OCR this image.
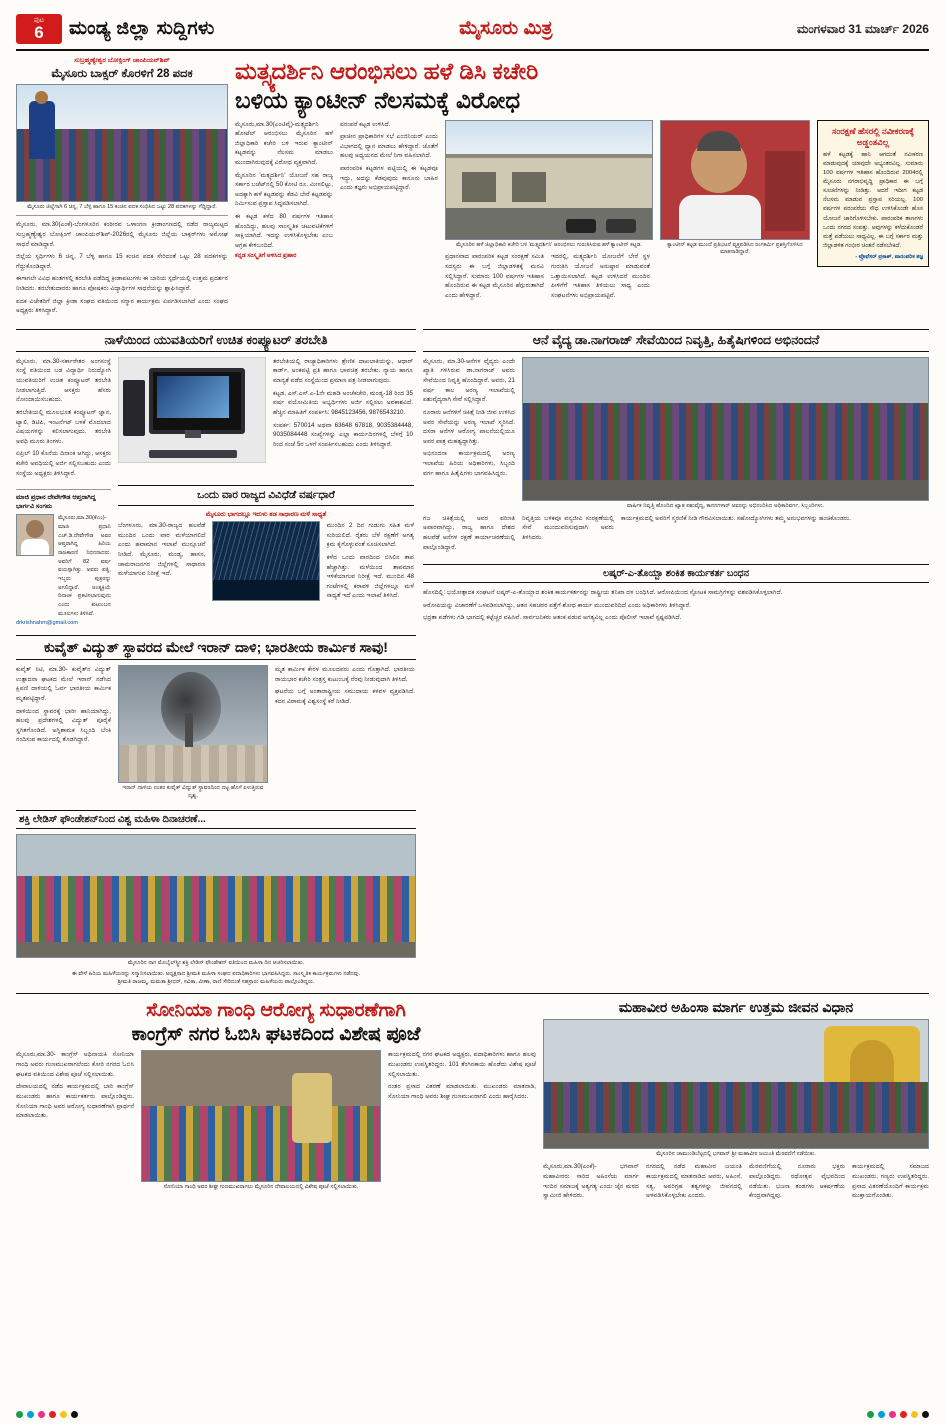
ಪುಟ
6 ಮಂಡ್ಯ ಜಿಲ್ಲಾ ಸುದ್ದಿಗಳು	ಮೈಸೂರು ಮಿತ್ರ	ಮಂಗಳವಾರ 31 ಮಾರ್ಚ್ 2026
ಸುಬ್ರಹ್ಮಣ್ಯೇಶ್ವರ ಬೋಕ್ಸಿಂಗ್ ಚಾಂಪಿಯನ್‌ಶಿಪ್
ಮೈಸೂರು ಬಾಕ್ಸರ್ ಕೊರಳಿಗೆ 28 ಪದಕ
ಮೈಸೂರು ಜಿಲ್ಲೆಗಾಗಿ 6 ಚಿನ್ನ, 7 ಬೆಳ್ಳಿ ಹಾಗೂ 15 ಕಂಚಿನ ಪದಕ ಸಂಧಿಸಿದ ಒಟ್ಟು 28 ಪದಕಗಳನ್ನು ಗೆದ್ದಿದ್ದಾರೆ.

ಮೈಸೂರು, ಮಾ.30(ಎಂಕೆ)-ಬೆಂಗಳೂರಿನ ಕಂಠೀರವ ಒಳಾಂಗಣ ಕ್ರೀಡಾಂಗಣದಲ್ಲಿ ನಡೆದ ರಾಜ್ಯಮಟ್ಟದ ಸುಬ್ರಹ್ಮಣ್ಯೇಶ್ವರ ಬೋಕ್ಸಿಂಗ್ ಚಾಂಪಿಯನ್‌ಶಿಪ್-2026ರಲ್ಲಿ ಮೈಸೂರು ಜಿಲ್ಲೆಯ ಬಾಕ್ಸರ್‌ಗಳು ಅಮೋಘ ಸಾಧನೆ ಮಾಡಿದ್ದಾರೆ.

ಜಿಲ್ಲೆಯ ಸ್ಪರ್ಧಿಗಳು 6 ಚಿನ್ನ, 7 ಬೆಳ್ಳಿ ಹಾಗೂ 15 ಕಂಚಿನ ಪದಕ ಸೇರಿದಂತೆ ಒಟ್ಟು 28 ಪದಕಗಳನ್ನು ಗೆದ್ದುಕೊಂಡಿದ್ದಾರೆ.

ಈಗಾಗಲೇ ವಿವಿಧ ಹಂತಗಳಲ್ಲಿ ತರಬೇತಿ ಪಡೆದಿದ್ದ ಕ್ರೀಡಾಪಟುಗಳು ಈ ಬಾರಿಯ ಸ್ಪರ್ಧೆಯಲ್ಲಿ ಉತ್ತಮ ಪ್ರದರ್ಶನ ನೀಡಿದರು. ತರಬೇತುದಾರರು ಹಾಗೂ ಪೋಷಕರು ವಿದ್ಯಾರ್ಥಿಗಳ ಸಾಧನೆಯನ್ನು ಶ್ಲಾಘಿಸಿದ್ದಾರೆ.

ಪದಕ ವಿಜೇತರಿಗೆ ಜಿಲ್ಲಾ ಕ್ರೀಡಾ ಸಂಘದ ವತಿಯಿಂದ ಸನ್ಮಾನ ಕಾರ್ಯಕ್ರಮ ಏರ್ಪಡಿಸಲಾಗಿದೆ ಎಂದು ಸಂಘದ ಅಧ್ಯಕ್ಷರು ತಿಳಿಸಿದ್ದಾರೆ.

ಮತ್ಸ್ಯದರ್ಶಿನಿ ಆರಂಭಿಸಲು ಹಳೆ ಡಿಸಿ ಕಚೇರಿ
ಬಳಿಯ ಕ್ಯಾಂಟೀನ್ ನೆಲಸಮಕ್ಕೆ ವಿರೋಧ

ಮೈಸೂರು,ಮಾ.30(ಎಂಟಿವೈ)-ಮತ್ಸ್ಯದರ್ಶಿನಿ ಹೋಟೆಲ್ ಆರಂಭಿಸಲು ಮೈಸೂರಿನ ಹಳೆ ಜಿಲ್ಲಾಧಿಕಾರಿ ಕಚೇರಿ ಬಳಿ ಇರುವ ಕ್ಯಾಂಟೀನ್ ಕಟ್ಟಡವನ್ನು ನೆಲಸಮ ಮಾಡಲು ಮುಂದಾಗಿರುವುದಕ್ಕೆ ವಿರೋಧ ವ್ಯಕ್ತವಾಗಿದೆ.

ಮೈಸೂರಿನ 'ಮತ್ಸ್ಯದರ್ಶಿನಿ' ಯೋಜನೆ ಸಹ ರಾಜ್ಯ ಸರ್ಕಾರ ಬಜೆಟ್‌ನಲ್ಲಿ 50 ಕೋಟಿ ರೂ. ಮೀಸಲಿಟ್ಟು, ಅದಕ್ಕಾಗಿ ಹಳೆ ಕಟ್ಟಡವನ್ನು ಕೆಡವಿ ಬೇರೆ ಕಟ್ಟಡವನ್ನು ನಿರ್ಮಿಸುವ ಪ್ರಸ್ತಾಪ ಸಿದ್ಧಪಡಿಸಲಾಗಿದೆ.

ಈ ಕಟ್ಟಡ ಕಳೆದ 80 ವರ್ಷಗಳ ಇತಿಹಾಸ ಹೊಂದಿದ್ದು, ಹಲವು ಸಾಂಸ್ಕೃತಿಕ ಚಟುವಟಿಕೆಗಳಿಗೆ ಸಾಕ್ಷಿಯಾಗಿದೆ. ಇದನ್ನು ಉಳಿಸಿಕೊಳ್ಳಬೇಕು ಎಂಬ ಆಗ್ರಹ ಕೇಳಿಬಂದಿದೆ.

ಕನ್ನಡ ಸಂಸ್ಕೃತಿಗೆ ಅಳಿಸಿದ ಪ್ರಹಾರ

ಪರಂಪರೆ ಕಟ್ಟಡ ಉಳಿಸಿದೆ.

ಪ್ರಾಚೀನ ಪ್ರಾಧಿಕಾರಿಗಳ ಸಭೆ ಎಂಜಿನಿಯರ್ ಎಂದು ವಿಭಾಗದಲ್ಲಿ ಧ್ಯಾನ ಮಾಡಲು ಹೇಳಿದ್ದಾರೆ. ಜೊತೆಗೆ ಹಲವು ಅಧ್ಯಯನದ ಮೇಲೆ ನಿಗಾ ವಹಿಸಲಾಗಿದೆ.

ಪಾರಂಪರಿಕ ಕಟ್ಟಡಗಳ ಪಟ್ಟಿಯಲ್ಲಿ ಈ ಕಟ್ಟಡವೂ ಇದ್ದು, ಅದನ್ನು ಕೆಡವುವುದು ಕಾನೂನು ಬಾಹಿರ ಎಂದು ತಜ್ಞರು ಅಭಿಪ್ರಾಯಪಟ್ಟಿದ್ದಾರೆ.

ಮೈಸೂರಿನ ಹಳೆ ಜಿಲ್ಲಾಧಿಕಾರಿ ಕಚೇರಿ ಬಳಿ 'ಮತ್ಸ್ಯದರ್ಶಿನಿ' ಆರಂಭಿಸಲು ಗುರುತಿಸಿರುವ ಹಳೆ ಕ್ಯಾಂಟೀನ್ ಕಟ್ಟಡ.

ಪ್ರಧಾನವಾದ ಪಾರಂಪರಿಕ ಕಟ್ಟಡ ಸಂರಕ್ಷಣೆ ಸಮಿತಿ ಸದಸ್ಯರು ಈ ಬಗ್ಗೆ ಜಿಲ್ಲಾಡಳಿತಕ್ಕೆ ಮನವಿ ಸಲ್ಲಿಸಿದ್ದಾರೆ. ಸುಮಾರು 100 ವರ್ಷಗಳ ಇತಿಹಾಸ ಹೊಂದಿರುವ ಈ ಕಟ್ಟಡ ಮೈಸೂರಿನ ಹೆಗ್ಗುರುತಾಗಿದೆ ಎಂದು ಹೇಳಿದ್ದಾರೆ.

ಇದರಲ್ಲಿ, ಮತ್ಸ್ಯದರ್ಶಿನಿ ಯೋಜನೆಗೆ ಬೇರೆ ಸ್ಥಳ ಗುರುತಿಸಿ ಯೋಜನೆ ಅನುಷ್ಠಾನ ಮಾಡುವಂತೆ ಒತ್ತಾಯಿಸಲಾಗಿದೆ. ಕಟ್ಟಡ ಉಳಿಸಿದರೆ ಮುಂದಿನ ಪೀಳಿಗೆಗೆ ಇತಿಹಾಸ ತಿಳಿಯಲು ಸಾಧ್ಯ ಎಂದು ಸಂಘಟನೆಗಳು ಅಭಿಪ್ರಾಯಪಟ್ಟಿವೆ.

ಕ್ಯಾಂಟೀನ್ ಕಟ್ಟಡ ಮುಂದೆ ಪ್ರತಿಭಟನೆ ವ್ಯಕ್ತಪಡಿಸಿದ ರಂಗಕರ್ಮಿ ಪ್ರಶಸ್ತಿಗೊಳಿಸಿದ ಮಾತನಾಡಿದ್ದಾರೆ.
ಸಂರಕ್ಷಣೆ ಹೆಸರಲ್ಲಿ ನವೀಕರಣಕ್ಕೆ ಅಡ್ಡಂತವಿಲ್ಲ
ಹಳೆ ಕಟ್ಟಡಕ್ಕೆ ಹಾನಿ ಆಗದಂತೆ ನವೀಕರಣ ಮಾಡುವುದಕ್ಕೆ ಯಾವುದೇ ಅಭ್ಯಂತರವಿಲ್ಲ. ಸುಮಾರು 100 ವರ್ಷಗಳ ಇತಿಹಾಸ ಹೊಂದಿರುವ 2004ರಲ್ಲಿ ಮೈಸೂರು ನಗರಾಭಿವೃದ್ಧಿ ಪ್ರಾಧಿಕಾರ ಈ ಬಗ್ಗೆ ಸೂಚನೆಗಳನ್ನು ನೀಡಿತ್ತು. ಆದರೆ ಇದೀಗ ಕಟ್ಟಡ ನೆಲಸಮ ಮಾಡುವ ಪ್ರಸ್ತಾಪ ಸರಿಯಲ್ಲ. 100 ವರ್ಷಗಳ ಪರಂಪರೆಯ ಸೌಧ ಉಳಿಸಿಕೊಂಡೇ ಹೊಸ ಯೋಜನೆ ಜಾರಿಗೊಳಿಸಬೇಕು. ಪಾರಂಪರಿಕ ತಾಣಗಳು ಒಂದು ನಗರದ ಸಂಪತ್ತು. ಅವುಗಳನ್ನು ಕಳೆದುಕೊಂಡರೆ ಮತ್ತೆ ಪಡೆಯಲು ಸಾಧ್ಯವಿಲ್ಲ. ಈ ಬಗ್ಗೆ ಸರ್ಕಾರ ಮತ್ತು ಜಿಲ್ಲಾಡಳಿತ ಗಂಭೀರ ಚಿಂತನೆ ನಡೆಸಬೇಕಿದೆ.
- ಪ್ರೊಫೆಸರ್ ಪ್ರಕಾಶ್, ಪಾರಂಪರಿಕ ತಜ್ಞ
ನಾಳೆಯಿಂದ ಯುವತಿಯರಿಗೆ ಉಚಿತ ಕಂಪ್ಯೂಟರ್ ತರಬೇತಿ	ಆನೆ ವೈದ್ಯ ಡಾ.ನಾಗರಾಜ್ ಸೇವೆಯಿಂದ ನಿವೃತ್ತಿ, ಹಿತೈಷಿಗಳಿಂದ ಅಭಿನಂದನೆ

ಮೈಸೂರು, ಮಾ.30-ಸರ್ಕಾರೇತರ ಅಂಗಸಂಸ್ಥೆ ಸಂಸ್ಥೆ ವತಿಯಿಂದ ಬಡ ವಿದ್ಯಾರ್ಥಿ ನಿರುದ್ಯೋಗಿ ಯುವತಿಯರಿಗೆ ಉಚಿತ ಕಂಪ್ಯೂಟರ್ ತರಬೇತಿ ನೀಡಲಾಗುತ್ತಿದೆ. ಆಸಕ್ತರು ಹೆಸರು ನೋಂದಾಯಿಸಬಹುದು.

ತರಬೇತಿಯಲ್ಲಿ ಮೂಲಭೂತ ಕಂಪ್ಯೂಟರ್ ಜ್ಞಾನ, ಟ್ಯಾಲಿ, ಡಿಟಿಪಿ, ಇಂಟರ್ನೆಟ್ ಬಳಕೆ ಮೊದಲಾದ ವಿಷಯಗಳನ್ನು ಕಲಿಸಲಾಗುವುದು. ತರಬೇತಿ ಅವಧಿ ಮೂರು ತಿಂಗಳು.

ಏಪ್ರಿಲ್ 10 ಕೊನೆಯ ದಿನಾಂಕ ಆಗಿದ್ದು, ಆಸಕ್ತರು ಕಚೇರಿ ಅವಧಿಯಲ್ಲಿ ಅರ್ಜಿ ಸಲ್ಲಿಸಬಹುದು ಎಂದು ಸಂಸ್ಥೆಯ ಅಧ್ಯಕ್ಷರು ತಿಳಿಸಿದ್ದಾರೆ.

ತರಬೇತಿಯಲ್ಲಿ ರಾಜ್ಯಾಧಿಕಾರಿಗಳು ಶ್ರೇಣಿಕ ದಾಖಲಾತಿಯನ್ನು, ಆಧಾರ್ ಕಾರ್ಡ್, ಅಂಕಪಟ್ಟಿ ಪ್ರತಿ ಹಾಗೂ ಭಾವಚಿತ್ರ ತರಬೇಕು. ನ್ಯಾಯ ಹಾಗೂ ಮಾನ್ಯತೆ ಪಡೆದ ಸಂಸ್ಥೆಯಿಂದ ಪ್ರಮಾಣ ಪತ್ರ ನೀಡಲಾಗುವುದು.

ಕಟ್ಟಡ, ಎಸ್.ಎಸ್.ಎ-1ನೇ ಮಹಡಿ ಅಂಚೆಕಚೇರಿ, ಮಂಡ್ಯ-18 ರಿಂದ 35 ವರ್ಷ ವಯೋಮಿತಿಯ ಅಭ್ಯರ್ಥಿಗಳು ಅರ್ಜಿ ಸಲ್ಲಿಸಲು ಅವಕಾಶವಿದೆ. ಹೆಚ್ಚಿನ ಮಾಹಿತಿಗೆ ಸಂಪರ್ಕಿಸಿ: 9845123456, 9876543210.

ಸಂಪರ್ಕ: 570014 ಅಥವಾ 63648 67818, 9035384448, 9035084448 ಸಂಖ್ಯೆಗಳನ್ನು ಎಲ್ಲಾ ಕಾರ್ಯದಿನಗಳಲ್ಲಿ ಬೆಳಗ್ಗೆ 10 ರಿಂದ ಸಂಜೆ 5ರ ಒಳಗೆ ಸಂಪರ್ಕಿಸಬಹುದು ಎಂದು ತಿಳಿಸಿದ್ದಾರೆ.

ಮಾಜಿ ಪ್ರಧಾನ ದೇವೇಗೌಡ ಆಪ್ತರಾಗಿದ್ದ ಭಾರ್ಗವಿ ಸಂಗಮ
ಮೈಸೂರು,ಮಾ.30(ಕೆಎಂ)-ಮಾಜಿ ಪ್ರಧಾನಿ ಎಚ್.ಡಿ.ದೇವೇಗೌಡ ಅವರ ಆಪ್ತರಾಗಿದ್ದ ಹಿರಿಯ ರಾಜಕಾರಣಿ ನಿಧನರಾದರು. ಅವರಿಗೆ 82 ವರ್ಷ ವಯಸ್ಸಾಗಿತ್ತು. ಅವರು ಪತ್ನಿ, ಇಬ್ಬರು ಪುತ್ರರನ್ನು ಅಗಲಿದ್ದಾರೆ. ಅಂತ್ಯಕ್ರಿಯೆ ದಿನಾಂಕ ಪ್ರಕಟಿಸಲಾಗುವುದು ಎಂದು ಕುಟುಂಬದ ಮೂಲಗಳು ತಿಳಿಸಿವೆ.
drkrishnahm@gmail.com
ಒಂದು ವಾರ ರಾಜ್ಯದ ವಿವಿಧೆಡೆ ವರ್ಷಧಾರೆ
ಮೈಸೂರು ಭಾಗದಲ್ಲೂ ಇರುಳು ತಡ ಸಾಧಾರಣ ಮಳೆ ಸಾಧ್ಯತೆ

ಬೆಂಗಳೂರು, ಮಾ.30-ರಾಜ್ಯದ ಹಲವೆಡೆ ಮುಂದಿನ ಒಂದು ವಾರ ಮಳೆಯಾಗಲಿದೆ ಎಂದು ಹವಾಮಾನ ಇಲಾಖೆ ಮುನ್ಸೂಚನೆ ನೀಡಿದೆ. ಮೈಸೂರು, ಮಂಡ್ಯ, ಹಾಸನ, ಚಾಮರಾಜನಗರ ಜಿಲ್ಲೆಗಳಲ್ಲಿ ಸಾಧಾರಣ ಮಳೆಯಾಗುವ ನಿರೀಕ್ಷೆ ಇದೆ.

ಮುಂದಿನ 2 ದಿನ ಗುಡುಗು ಸಹಿತ ಮಳೆ ಸುರಿಯಲಿದೆ. ರೈತರು ಬೆಳೆ ರಕ್ಷಣೆಗೆ ಅಗತ್ಯ ಕ್ರಮ ಕೈಗೊಳ್ಳುವಂತೆ ಸೂಚಿಸಲಾಗಿದೆ.

ಕಳೆದ ಒಂದು ವಾರದಿಂದ ಬಿಸಿಲಿನ ತಾಪ ಹೆಚ್ಚಾಗಿತ್ತು. ಮಳೆಯಿಂದ ತಾಪಮಾನ ಇಳಿಕೆಯಾಗುವ ನಿರೀಕ್ಷೆ ಇದೆ. ಮುಂದಿನ 48 ಗಂಟೆಗಳಲ್ಲಿ ಕರಾವಳಿ ಜಿಲ್ಲೆಗಳಲ್ಲೂ ಮಳೆ ಸಾಧ್ಯತೆ ಇದೆ ಎಂದು ಇಲಾಖೆ ತಿಳಿಸಿದೆ.

ಕುವೈತ್ ವಿದ್ಯುತ್ ಸ್ಥಾವರದ ಮೇಲೆ ಇರಾನ್ ದಾಳಿ; ಭಾರತೀಯ ಕಾರ್ಮಿಕ ಸಾವು!

ಕುವೈತ್ ಸಿಟಿ, ಮಾ.30- ಕುವೈತ್‌ನ ವಿದ್ಯುತ್ ಉತ್ಪಾದನಾ ಘಟಕದ ಮೇಲೆ ಇರಾನ್ ನಡೆಸಿದ ಕ್ಷಿಪಣಿ ದಾಳಿಯಲ್ಲಿ ಓರ್ವ ಭಾರತೀಯ ಕಾರ್ಮಿಕ ಮೃತಪಟ್ಟಿದ್ದಾರೆ.

ದಾಳಿಯಿಂದ ಸ್ಥಾವರಕ್ಕೆ ಭಾರೀ ಹಾನಿಯಾಗಿದ್ದು, ಹಲವು ಪ್ರದೇಶಗಳಲ್ಲಿ ವಿದ್ಯುತ್ ಪೂರೈಕೆ ಸ್ಥಗಿತಗೊಂಡಿದೆ. ಅಗ್ನಿಶಾಮಕ ಸಿಬ್ಬಂದಿ ಬೆಂಕಿ ನಂದಿಸುವ ಕಾರ್ಯದಲ್ಲಿ ತೊಡಗಿದ್ದಾರೆ.

ಇರಾನ್ ದಾಳಿಯ ನಂತರ ಕುವೈತ್ ವಿದ್ಯುತ್ ಸ್ಥಾವರದಿಂದ ದಟ್ಟ ಹೊಗೆ ಏಳುತ್ತಿರುವ ದೃಶ್ಯ.

ಮೃತ ಕಾರ್ಮಿಕ ಕೇರಳ ಮೂಲದವರು ಎಂದು ಗೊತ್ತಾಗಿದೆ. ಭಾರತೀಯ ರಾಯಭಾರ ಕಚೇರಿ ಸಂತ್ರಸ್ತ ಕುಟುಂಬಕ್ಕೆ ನೆರವು ನೀಡುವುದಾಗಿ ತಿಳಿಸಿದೆ.

ಘಟನೆಯ ಬಗ್ಗೆ ಅಂತಾರಾಷ್ಟ್ರೀಯ ಸಮುದಾಯ ಕಳವಳ ವ್ಯಕ್ತಪಡಿಸಿದೆ. ಕದನ ವಿರಾಮಕ್ಕೆ ವಿಶ್ವಸಂಸ್ಥೆ ಕರೆ ನೀಡಿದೆ.

ಶಕ್ತಿ ಲೇಡಿಸ್ ಫೌಂಡೇಶನ್‌ನಿಂದ ವಿಶ್ವ ಮಹಿಳಾ ದಿನಾಚರಣೆ...
ಮೈಸೂರಿನ ನಾಗ ಮೊಬೈಲ್‌ಸ್ಟ್ರೀ ಶಕ್ತಿ ಲೇಡಿಸ್ ಫೌಂಡೇಶನ್ ವತಿಯಿಂದ ಮಹಿಳಾ ದಿನ ಆಚರಿಸಲಾಯಿತು.
ಈ ವೇಳೆ ಹಿರಿಯ ಮಹಿಳೆಯರನ್ನು ಸನ್ಮಾನಿಸಲಾಯಿತು. ಅಧ್ಯಕ್ಷರಾದ ಶ್ರೀಮತಿ ಮಹಿಳಾ ಸಂಘದ ಪದಾಧಿಕಾರಿಗಳು ಭಾಗವಹಿಸಿದ್ದರು. ಸಾಂಸ್ಕೃತಿಕ ಕಾರ್ಯಕ್ರಮಗಳು ನಡೆದವು.
ಶ್ರೀಮತಿ ರಾಜಮ್ಮ, ಮಮತಾ ಶ್ರೀಧರ್, ಸವಿತಾ, ವೀಣಾ, ರಾಣಿ ಸೇರಿದಂತೆ ಸಹಸ್ರಾರು ಮಹಿಳೆಯರು ಪಾಲ್ಗೊಂಡಿದ್ದರು.

ಮೈಸೂರು, ಮಾ.30-ಆನೆಗಳ ವೈದ್ಯರು ಎಂದೇ ಖ್ಯಾತಿ ಗಳಿಸಿರುವ ಡಾ.ನಾಗರಾಜ್ ಅವರು ಸೇವೆಯಿಂದ ನಿವೃತ್ತಿ ಹೊಂದಿದ್ದಾರೆ. ಅವರು, 21 ವರ್ಷ ಕಾಲ ಅರಣ್ಯ ಇಲಾಖೆಯಲ್ಲಿ ಪಶುವೈದ್ಯರಾಗಿ ಸೇವೆ ಸಲ್ಲಿಸಿದ್ದಾರೆ.

ನೂರಾರು ಆನೆಗಳಿಗೆ ಚಿಕಿತ್ಸೆ ನೀಡಿ ಜೀವ ಉಳಿಸಿದ ಅವರ ಸೇವೆಯನ್ನು ಅರಣ್ಯ ಇಲಾಖೆ ಸ್ಮರಿಸಿದೆ. ದಸರಾ ಆನೆಗಳ ಆರೋಗ್ಯ ಪಾಲನೆಯಲ್ಲಿಯೂ ಅವರ ಪಾತ್ರ ಮಹತ್ವದ್ದಾಗಿತ್ತು.

ಅಭಿನಂದನಾ ಕಾರ್ಯಕ್ರಮದಲ್ಲಿ ಅರಣ್ಯ ಇಲಾಖೆಯ ಹಿರಿಯ ಅಧಿಕಾರಿಗಳು, ಸಿಬ್ಬಂದಿ ವರ್ಗ ಹಾಗೂ ಹಿತೈಷಿಗಳು ಭಾಗವಹಿಸಿದ್ದರು.

ವಾರ್ಷಿಕ ನಿವೃತ್ತಿ ಹೊಂದಿದ ಖ್ಯಾತ ಪಶುವೈದ್ಯ, ಕಾನನಗಳಾರ್ ಅವರನ್ನು ಅಭಿನಂದಿಸಿದ ಅಧಿಕಾರಿವರ್ಗ, ಸಿಬ್ಬಂದಿಗಳು.

ಗಜ ಚಿಕಿತ್ಸೆಯಲ್ಲಿ ಅವರ ಪರಿಣತಿ ಅಪಾರವಾಗಿದ್ದು, ರಾಜ್ಯ ಹಾಗೂ ದೇಶದ ಹಲವೆಡೆ ಆನೆಗಳ ರಕ್ಷಣೆ ಕಾರ್ಯಾಚರಣೆಯಲ್ಲಿ ಪಾಲ್ಗೊಂಡಿದ್ದಾರೆ.

ನಿವೃತ್ತಿಯ ಬಳಿಕವೂ ವನ್ಯಜೀವಿ ಸಂರಕ್ಷಣೆಯಲ್ಲಿ ಸೇವೆ ಮುಂದುವರಿಸುವುದಾಗಿ ಅವರು ತಿಳಿಸಿದರು.

ಕಾರ್ಯಕ್ರಮದಲ್ಲಿ ಅವರಿಗೆ ಸ್ಮರಣಿಕೆ ನೀಡಿ ಗೌರವಿಸಲಾಯಿತು. ಸಹೋದ್ಯೋಗಿಗಳು ತಮ್ಮ ಅನುಭವಗಳನ್ನು ಹಂಚಿಕೊಂಡರು.

ಲಷ್ಕರ್-ಎ-ತೊಯ್ಬಾ ಶಂಕಿತ ಕಾರ್ಯಕರ್ತ ಬಂಧನ

ಹೊಸದಿಲ್ಲಿ: ಭಯೋತ್ಪಾದಕ ಸಂಘಟನೆ ಲಷ್ಕರ್-ಎ-ತೊಯ್ಬಾದ ಶಂಕಿತ ಕಾರ್ಯಕರ್ತನನ್ನು ರಾಷ್ಟ್ರೀಯ ತನಿಖಾ ದಳ ಬಂಧಿಸಿದೆ. ಆರೋಪಿಯಿಂದ ಸ್ಫೋಟಕ ಸಾಮಗ್ರಿಗಳನ್ನು ವಶಪಡಿಸಿಕೊಳ್ಳಲಾಗಿದೆ.

ಆರೋಪಿಯನ್ನು ವಿಚಾರಣೆಗೆ ಒಳಪಡಿಸಲಾಗಿದ್ದು, ಆತನ ಸಹಚರರ ಪತ್ತೆಗೆ ಶೋಧ ಕಾರ್ಯ ಮುಂದುವರಿದಿದೆ ಎಂದು ಅಧಿಕಾರಿಗಳು ತಿಳಿಸಿದ್ದಾರೆ.

ಭದ್ರತಾ ಪಡೆಗಳು ಗಡಿ ಭಾಗದಲ್ಲಿ ಕಟ್ಟೆಚ್ಚರ ವಹಿಸಿವೆ. ಸಾರ್ವಜನಿಕರು ಆತಂಕ ಪಡುವ ಅಗತ್ಯವಿಲ್ಲ ಎಂದು ಪೊಲೀಸ್ ಇಲಾಖೆ ಸ್ಪಷ್ಟಪಡಿಸಿದೆ.

ಸೋನಿಯಾ ಗಾಂಧಿ ಆರೋಗ್ಯ ಸುಧಾರಣೆಗಾಗಿ
ಕಾಂಗ್ರೆಸ್ ನಗರ ಓಬಿಸಿ ಘಟಕದಿಂದ ವಿಶೇಷ ಪೂಜೆ

ಮೈಸೂರು,ಮಾ.30- ಕಾಂಗ್ರೆಸ್ ಅಧಿನಾಯಕಿ ಸೋನಿಯಾ ಗಾಂಧಿ ಅವರು ಗುಣಮುಖರಾಗಲೆಂದು ಕೋರಿ ನಗರದ ಓಬಿಸಿ ಘಟಕದ ವತಿಯಿಂದ ವಿಶೇಷ ಪೂಜೆ ಸಲ್ಲಿಸಲಾಯಿತು.

ದೇವಾಲಯದಲ್ಲಿ ನಡೆದ ಕಾರ್ಯಕ್ರಮದಲ್ಲಿ ಬಾರಿ ಕಾಂಗ್ರೆಸ್ ಮುಖಂಡರು ಹಾಗೂ ಕಾರ್ಯಕರ್ತರು ಪಾಲ್ಗೊಂಡಿದ್ದರು. ಸೋನಿಯಾ ಗಾಂಧಿ ಅವರ ಆರೋಗ್ಯ ಸುಧಾರಣೆಗಾಗಿ ಪ್ರಾರ್ಥನೆ ಮಾಡಲಾಯಿತು.

ಸೋನಿಯಾ ಗಾಂಧಿ ಅವರ ಶೀಘ್ರ ಗುಣಮುಖರಾಗಲು ಮೈಸೂರಿನ ದೇವಾಲಯದಲ್ಲಿ ವಿಶೇಷ ಪೂಜೆ ಸಲ್ಲಿಸಲಾಯಿತು.

ಕಾರ್ಯಕ್ರಮದಲ್ಲಿ ನಗರ ಘಟಕದ ಅಧ್ಯಕ್ಷರು, ಪದಾಧಿಕಾರಿಗಳು ಹಾಗೂ ಹಲವು ಮುಖಂಡರು ಉಪಸ್ಥಿತರಿದ್ದರು. 101 ತೆಂಗಿನಕಾಯಿ ಹೊಡೆದು ವಿಶೇಷ ಪೂಜೆ ಸಲ್ಲಿಸಲಾಯಿತು.

ನಂತರ ಪ್ರಸಾದ ವಿತರಣೆ ಮಾಡಲಾಯಿತು. ಮುಖಂಡರು ಮಾತನಾಡಿ, ಸೋನಿಯಾ ಗಾಂಧಿ ಅವರು ಶೀಘ್ರ ಗುಣಮುಖರಾಗಲಿ ಎಂದು ಹಾರೈಸಿದರು.

ಮಹಾವೀರ ಅಹಿಂಸಾ ಮಾರ್ಗ ಉತ್ತಮ ಜೀವನ ವಿಧಾನ
ಮೈಸೂರಿನ ಚಾಮುಂಡಿಬೆಟ್ಟದಲ್ಲಿ ಭಗವಾನ್ ಶ್ರೀ ಮಹಾವೀರ ಜಯಂತಿ ಮೆರವಣಿಗೆ ನಡೆಯಿತು.

ಮೈಸೂರು,ಮಾ.30(ಎಂಕೆ)- ಭಗವಾನ್ ಮಹಾವೀರರು ಸಾರಿದ ಅಹಿಂಸೆಯ ಮಾರ್ಗ ಇಂದಿನ ಸಮಾಜಕ್ಕೆ ಅತ್ಯಗತ್ಯ ಎಂದು ಜೈನ ಮಠದ ಸ್ವಾಮೀಜಿ ಹೇಳಿದರು.

ನಗರದಲ್ಲಿ ನಡೆದ ಮಹಾವೀರ ಜಯಂತಿ ಕಾರ್ಯಕ್ರಮದಲ್ಲಿ ಮಾತನಾಡಿದ ಅವರು, ಅಹಿಂಸೆ, ಸತ್ಯ, ಅಪರಿಗ್ರಹ ತತ್ವಗಳನ್ನು ಜೀವನದಲ್ಲಿ ಅಳವಡಿಸಿಕೊಳ್ಳಬೇಕು ಎಂದರು.

ಮೆರವಣಿಗೆಯಲ್ಲಿ ನೂರಾರು ಭಕ್ತರು ಪಾಲ್ಗೊಂಡಿದ್ದರು. ರಥೋತ್ಸವ ವೈಭವದಿಂದ ನಡೆಯಿತು. ಭಜನಾ ತಂಡಗಳು ಆಕರ್ಷಣೆಯ ಕೇಂದ್ರವಾಗಿದ್ದವು.

ಕಾರ್ಯಕ್ರಮದಲ್ಲಿ ಸಮಾಜದ ಮುಖಂಡರು, ಗಣ್ಯರು ಉಪಸ್ಥಿತರಿದ್ದರು. ಪ್ರಸಾದ ವಿತರಣೆಯೊಂದಿಗೆ ಕಾರ್ಯಕ್ರಮ ಮುಕ್ತಾಯಗೊಂಡಿತು.
